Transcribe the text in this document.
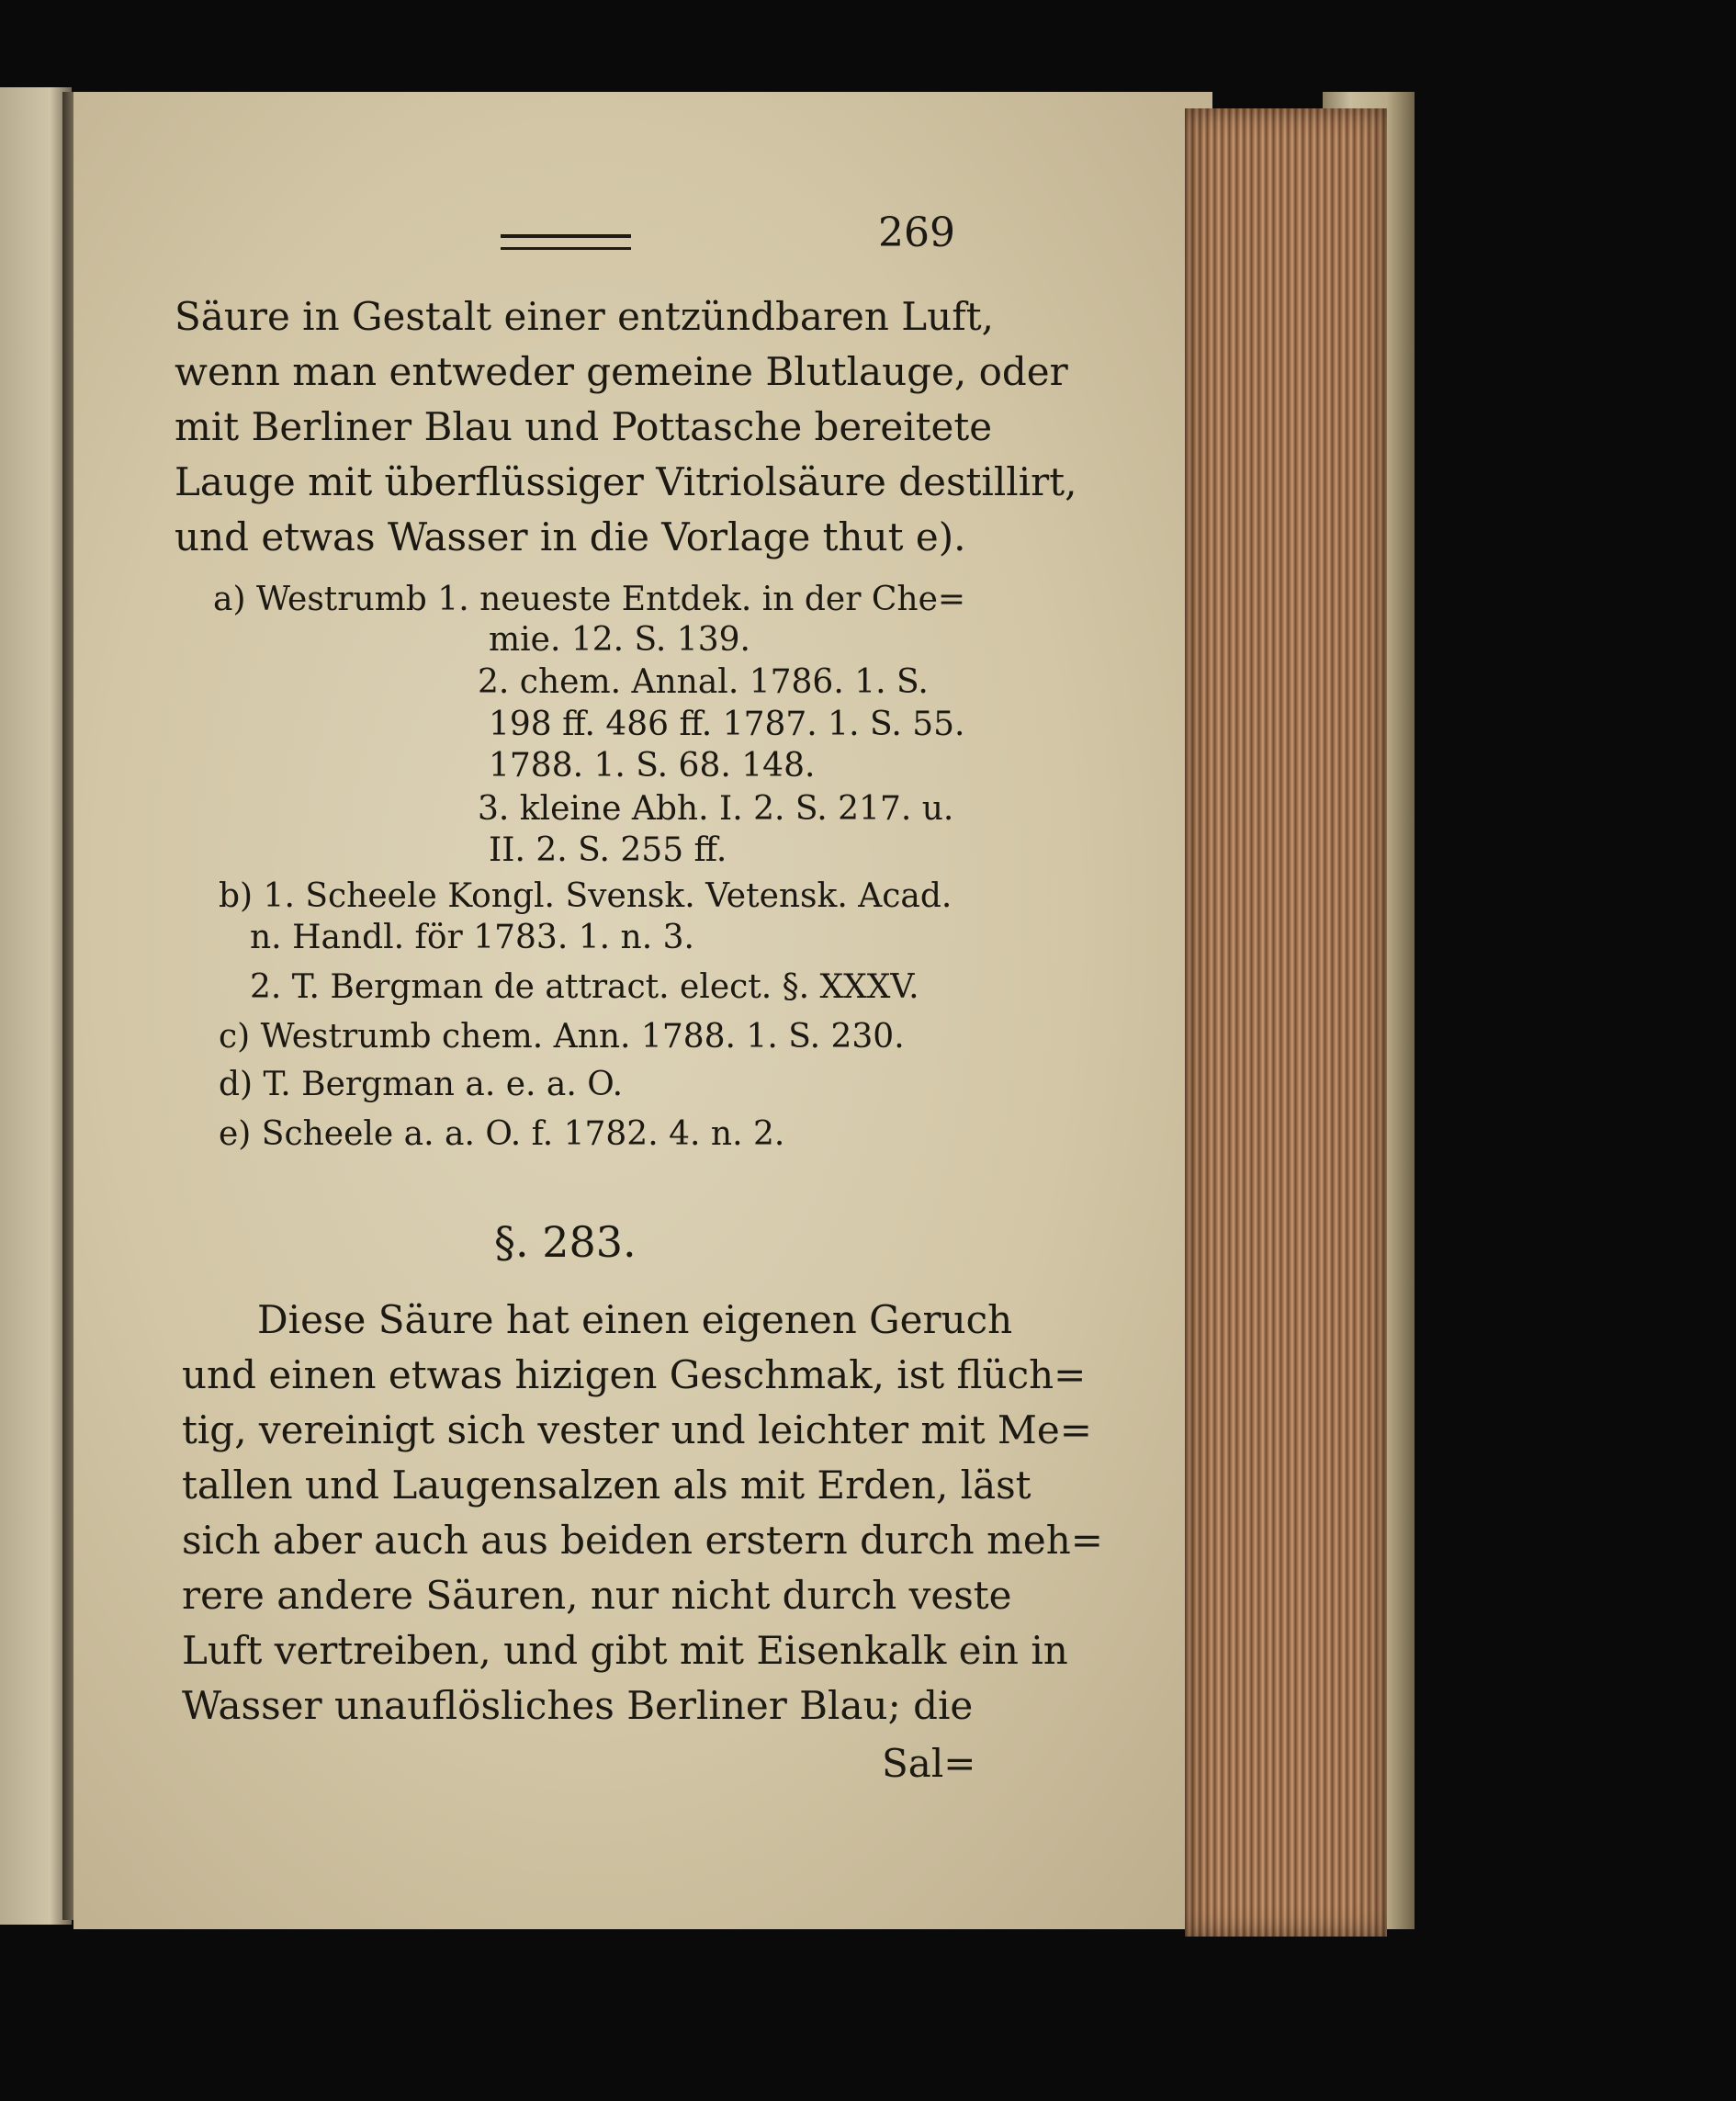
269
Säure in Gestalt einer entzündbaren Luft,
wenn man entweder gemeine Blutlauge, oder
mit Berliner Blau und Pottasche bereitete
Lauge mit überflüssiger Vitriolsäure destillirt,
und etwas Wasser in die Vorlage thut e).
a) Westrumb 1. neueste Entdek. in der Che=
mie. 12. S. 139.
2. chem. Annal. 1786. 1. S.
198 ff. 486 ff. 1787. 1. S. 55.
1788. 1. S. 68. 148.
3. kleine Abh. I. 2. S. 217. u.
II. 2. S. 255 ff.
b) 1. Scheele Kongl. Svensk. Vetensk. Acad.
n. Handl. för 1783. 1. n. 3.
2. T. Bergman de attract. elect. §. XXXV.
c) Westrumb chem. Ann. 1788. 1. S. 230.
d) T. Bergman a. e. a. O.
e) Scheele a. a. O. f. 1782. 4. n. 2.
§. 283.
Diese Säure hat einen eigenen Geruch
und einen etwas hizigen Geschmak, ist flüch=
tig, vereinigt sich vester und leichter mit Me=
tallen und Laugensalzen als mit Erden, läst
sich aber auch aus beiden erstern durch meh=
rere andere Säuren, nur nicht durch veste
Luft vertreiben, und gibt mit Eisenkalk ein in
Wasser unauflösliches Berliner Blau; die
Sal=
